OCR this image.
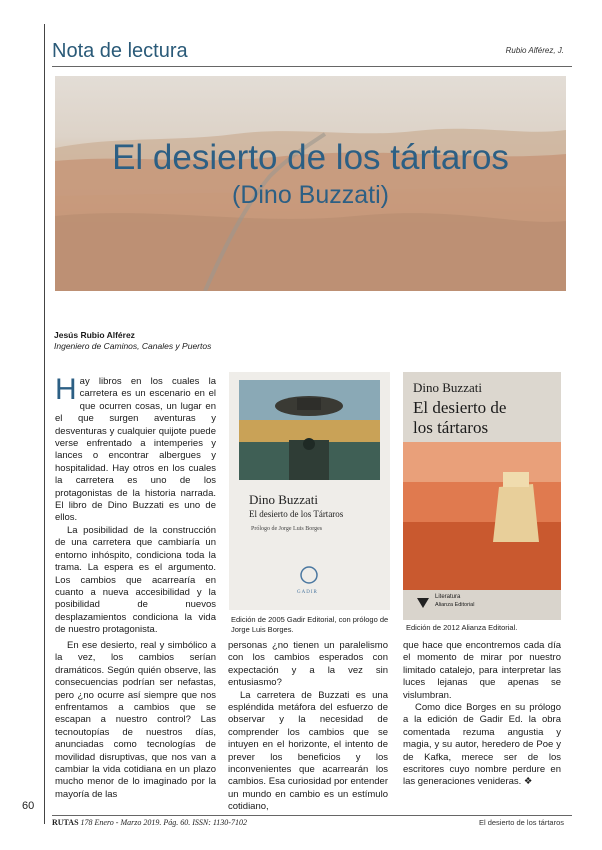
Nota de lectura	Rubio Alférez, J.
El desierto de los tártaros
(Dino Buzzati)
Jesús Rubio Alférez
Ingeniero de Caminos, Canales y Puertos

Hay libros en los cuales la carretera es un escenario en el que ocurren cosas, un lugar en el que surgen aventuras y desventuras y cualquier quijote puede verse enfrentado a intemperies y lances o encontrar albergues y hospitalidad. Hay otros en los cuales la carretera es uno de los protagonistas de la historia narrada. El libro de Dino Buzzati es uno de ellos.

La posibilidad de la construcción de una carretera que cambiaría un entorno inhóspito, condiciona toda la trama. La espera es el argumento. Los cambios que acarrearía en cuanto a nueva accesibilidad y la posibilidad de nuevos desplazamientos condiciona la vida de nuestro protagonista.

En ese desierto, real y simbólico a la vez, los cambios serían dramáticos. Según quién observe, las consecuencias podrían ser nefastas, pero ¿no ocurre así siempre que nos enfrentamos a cambios que se escapan a nuestro control? Las tecnoutopías de nuestros días, anunciadas como tecnologías de movilidad disruptivas, que nos van a cambiar la vida cotidiana en un plazo mucho menor de lo imaginado por la mayoría de las

personas ¿no tienen un paralelismo con los cambios esperados con expectación y a la vez sin entusiasmo?

La carretera de Buzzati es una espléndida metáfora del esfuerzo de observar y la necesidad de comprender los cambios que se intuyen en el horizonte, el intento de prever los beneficios y los inconvenientes que acarrearán los cambios. Esa curiosidad por entender un mundo en cambio es un estímulo cotidiano,

que hace que encontremos cada día el momento de mirar por nuestro limitado catalejo, para interpretar las luces lejanas que apenas se vislumbran.

Como dice Borges en su prólogo a la edición de Gadir Ed. la obra comentada rezuma angustia y magia, y su autor, heredero de Poe y de Kafka, merece ser de los escritores cuyo nombre perdure en las generaciones venideras. ❖

Dino Buzzati
El desierto de los Tártaros
Prólogo de Jorge Luis Borges
GADIR
Dino Buzzati
El desierto de
los tártaros
Literatura
Alianza Editorial
Edición de 2005 Gadir Editorial, con prólogo de Jorge Luis Borges.	Edición de 2012 Alianza Editorial.
60
RUTAS 178 Enero - Marzo 2019. Pág. 60. ISSN: 1130-7102	El desierto de los tártaros
